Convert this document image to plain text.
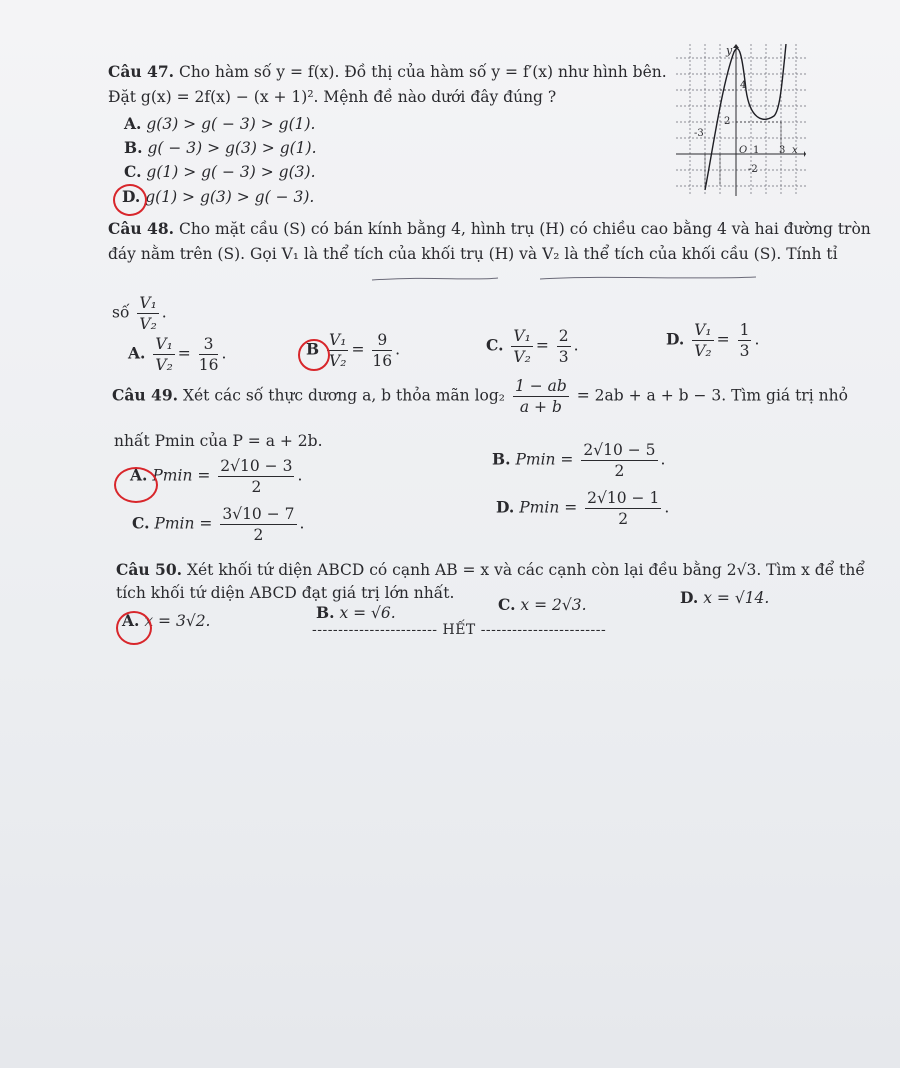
Câu 47. Cho hàm số y = f(x). Đồ thị của hàm số y = f′(x) như hình bên.
Đặt g(x) = 2f(x) − (x + 1)². Mệnh đề nào dưới đây đúng ?
A. g(3) > g( − 3) > g(1).
B. g( − 3) > g(3) > g(1).
C. g(1) > g( − 3) > g(3).
D. g(1) > g(3) > g( − 3).
y
4
2
-3
O 1 3 x
-2
Câu 48. Cho mặt cầu (S) có bán kính bằng 4, hình trụ (H) có chiều cao bằng 4 và hai đường tròn
đáy nằm trên (S). Gọi V₁ là thể tích của khối trụ (H) và V₂ là thể tích của khối cầu (S). Tính tỉ
số $\frac{\text{V₁}}{\text{V₂}}$ .
A. $\frac{\text{V₁}}{\text{V₂}} = \frac{3}{16}$ .	B $\frac{\text{V₁}}{\text{V₂}} = \frac{9}{16}$ .	C. $\frac{\text{V₁}}{\text{V₂}} = \frac{2}{3}$ .	D. $\frac{\text{V₁}}{\text{V₂}} = \frac{1}{3}$ .
Câu 49. Xét các số thực dương a, b thỏa mãn $\log_2 \frac{1 - ab}{a + b} = 2ab + a + b - 3$. Tìm giá trị nhỏ
nhất Pmin của P = a + 2b.
A. $Pmin = \frac{2√10 - 3}{2}$ .
B. $Pmin = \frac{2√10 - 5}{2}$ .
C. $Pmin = \frac{3√10 - 7}{2}$ .
D. $Pmin = \frac{2√10 - 1}{2}$ .
Câu 50. Xét khối tứ diện ABCD có cạnh AB = x và các cạnh còn lại đều bằng 2√3. Tìm x để thể
tích khối tứ diện ABCD đạt giá trị lớn nhất.
A. x = 3√2.	B. x = √6.	C. x = 2√3.	D. x = √14.
------------------------ HẾT ------------------------
